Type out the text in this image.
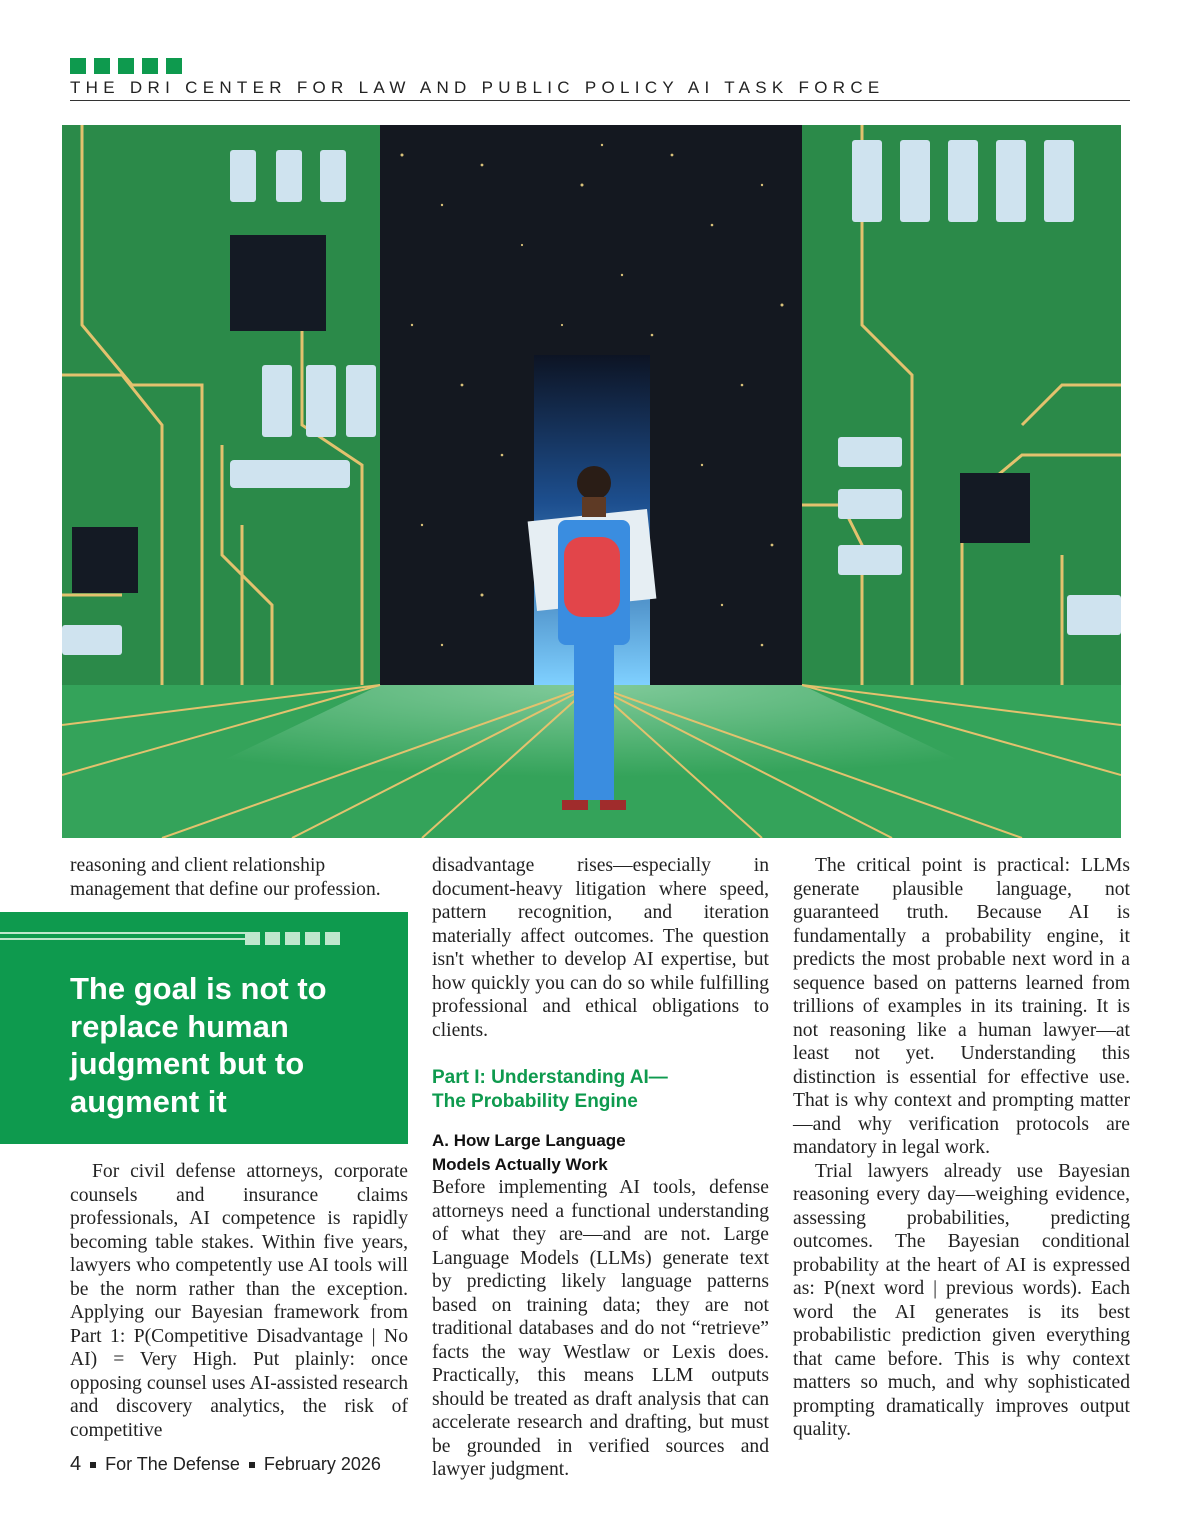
THE DRI CENTER FOR LAW AND PUBLIC POLICY AI TASK FORCE

reasoning and client relationship management that define our profession.

The goal is not to replace human judgment but to augment it

For civil defense attorneys, corporate counsels and insurance claims professionals, AI competence is rapidly becoming table stakes. Within five years, lawyers who competently use AI tools will be the norm rather than the exception. Applying our Bayesian framework from Part 1: P(Competitive Disadvantage | No AI) = Very High. Put plainly: once opposing counsel uses AI-assisted research and discovery analytics, the risk of competitive

disadvantage rises—especially in document-heavy litigation where speed, pattern recognition, and iteration materially affect outcomes. The question isn't whether to develop AI expertise, but how quickly you can do so while fulfilling professional and ethical obligations to clients.

Part I: Understanding AI—
The Probability Engine

A. How Large Language
Models Actually Work

Before implementing AI tools, defense attorneys need a functional understanding of what they are—and are not. Large Language Models (LLMs) generate text by predicting likely language patterns based on training data; they are not traditional databases and do not “retrieve” facts the way Westlaw or Lexis does. Practically, this means LLM outputs should be treated as draft analysis that can accelerate research and drafting, but must be grounded in verified sources and lawyer judgment.

The critical point is practical: LLMs generate plausible language, not guaranteed truth. Because AI is fundamentally a probability engine, it predicts the most probable next word in a sequence based on patterns learned from trillions of examples in its training. It is not reasoning like a human lawyer—at least not yet. Understanding this distinction is essential for effective use. That is why context and prompting matter—and why verification protocols are mandatory in legal work.

Trial lawyers already use Bayesian reasoning every day—weighing evidence, assessing probabilities, predicting outcomes. The Bayesian conditional probability at the heart of AI is expressed as: P(next word | previous words). Each word the AI generates is its best probabilistic prediction given everything that came before. This is why context matters so much, and why sophisticated prompting dramatically improves output quality.

4 For The Defense February 2026
